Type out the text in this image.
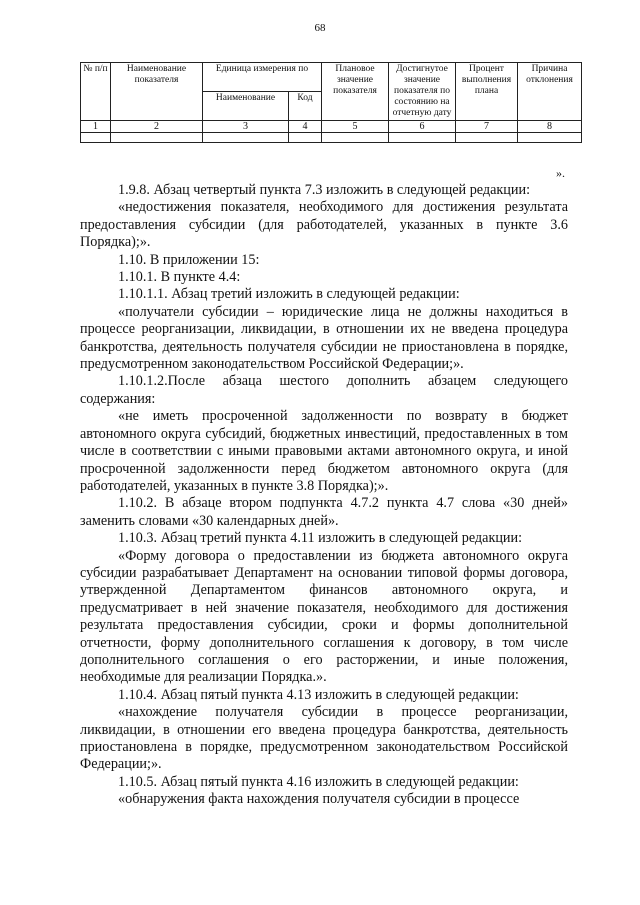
68
№ п/п	Наименование показателя	Единица измерения по		Плановое значение показателя	Достигнутое значение показателя по состоянию на отчетную дату	Процент выполнения плана	Причина отклонения
		Наименование	Код				
1	2	3	4	5	6	7	8

».

1.9.8. Абзац четвертый пункта 7.3 изложить в следующей редакции:

«недостижения показателя, необходимого для достижения результата предоставления субсидии (для работодателей, указанных в пункте 3.6 Порядка);».

1.10. В приложении 15:

1.10.1. В пункте 4.4:

1.10.1.1. Абзац третий изложить в следующей редакции:

«получатели субсидии – юридические лица не должны находиться в процессе реорганизации, ликвидации, в отношении их не введена процедура банкротства, деятельность получателя субсидии не приостановлена в порядке, предусмотренном законодательством Российской Федерации;».

1.10.1.2.После абзаца шестого дополнить абзацем следующего содержания:

«не иметь просроченной задолженности по возврату в бюджет автономного округа субсидий, бюджетных инвестиций, предоставленных в том числе в соответствии с иными правовыми актами автономного округа, и иной просроченной задолженности перед бюджетом автономного округа (для работодателей, указанных в пункте 3.8 Порядка);».

1.10.2. В абзаце втором подпункта 4.7.2 пункта 4.7 слова «30 дней» заменить словами «30 календарных дней».

1.10.3. Абзац третий пункта 4.11 изложить в следующей редакции:

«Форму договора о предоставлении из бюджета автономного округа субсидии разрабатывает Департамент на основании типовой формы договора, утвержденной Департаментом финансов автономного округа, и предусматривает в ней значение показателя, необходимого для достижения результата предоставления субсидии, сроки и формы дополнительной отчетности, форму дополнительного соглашения к договору, в том числе дополнительного соглашения о его расторжении, и иные положения, необходимые для реализации Порядка.».

1.10.4. Абзац пятый пункта 4.13 изложить в следующей редакции:

«нахождение получателя субсидии в процессе реорганизации, ликвидации, в отношении его введена процедура банкротства, деятельность приостановлена в порядке, предусмотренном законодательством Российской Федерации;».

1.10.5. Абзац пятый пункта 4.16 изложить в следующей редакции:

«обнаружения факта нахождения получателя субсидии в процессе
